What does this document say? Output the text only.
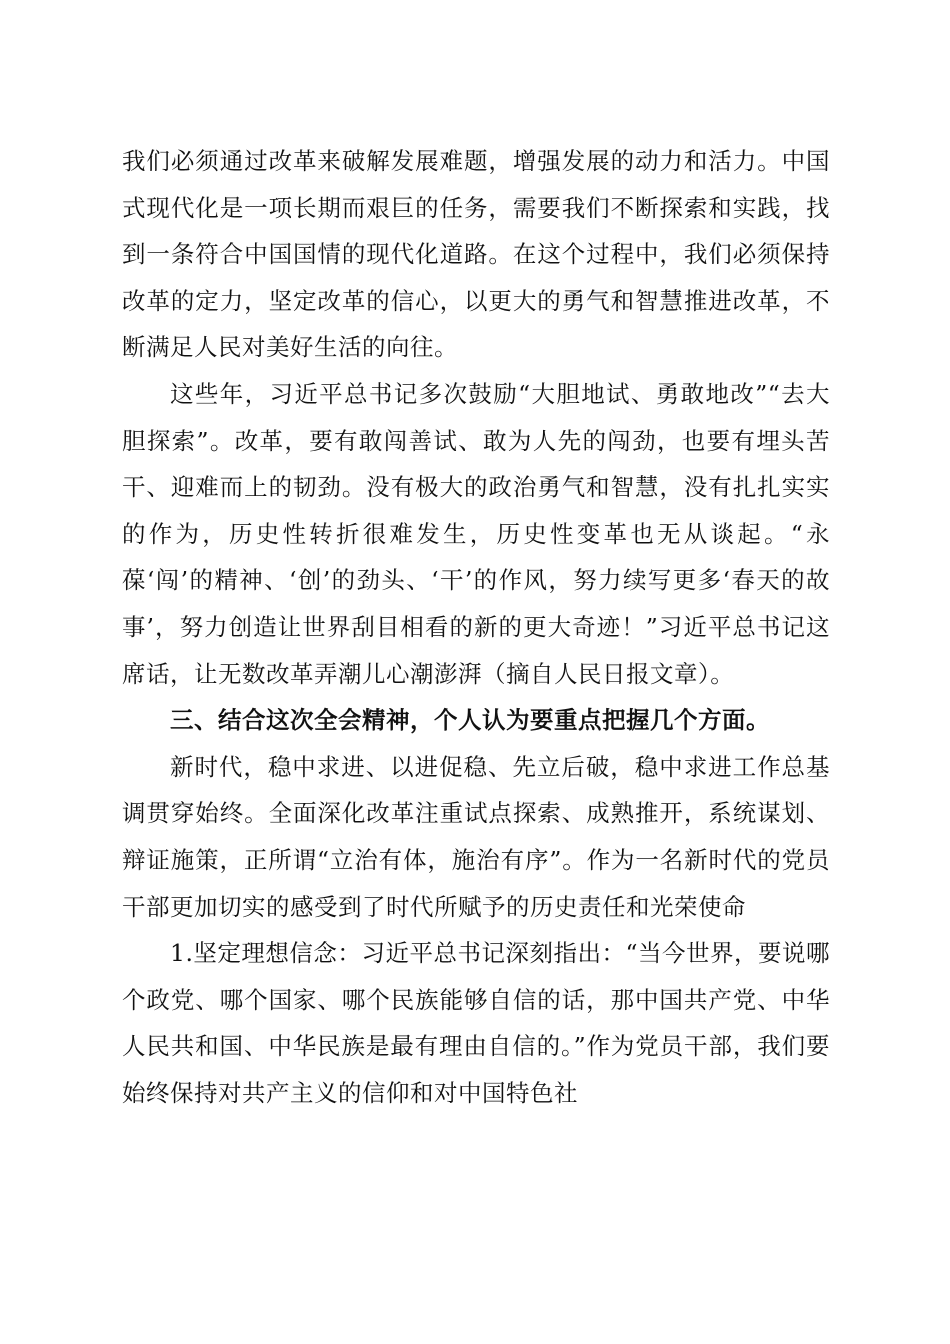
我们必须通过改革来破解发展难题，增强发展的动力和活力。中国式现代化是一项长期而艰巨的任务，需要我们不断探索和实践，找到一条符合中国国情的现代化道路。在这个过程中，我们必须保持改革的定力，坚定改革的信心，以更大的勇气和智慧推进改革，不断满足人民对美好生活的向往。

这些年，习近平总书记多次鼓励“大胆地试、勇敢地改”“去大胆探索”。改革，要有敢闯善试、敢为人先的闯劲，也要有埋头苦干、迎难而上的韧劲。没有极大的政治勇气和智慧，没有扎扎实实的作为，历史性转折很难发生，历史性变革也无从谈起。“永葆‘闯’的精神、‘创’的劲头、‘干’的作风，努力续写更多‘春天的故事’，努力创造让世界刮目相看的新的更大奇迹！”习近平总书记这席话，让无数改革弄潮儿心潮澎湃（摘自人民日报文章）。

三、结合这次全会精神，个人认为要重点把握几个方面。

新时代，稳中求进、以进促稳、先立后破，稳中求进工作总基调贯穿始终。全面深化改革注重试点探索、成熟推开，系统谋划、辩证施策，正所谓“立治有体，施治有序”。作为一名新时代的党员干部更加切实的感受到了时代所赋予的历史责任和光荣使命

1.坚定理想信念：习近平总书记深刻指出：“当今世界，要说哪个政党、哪个国家、哪个民族能够自信的话，那中国共产党、中华人民共和国、中华民族是最有理由自信的。”作为党员干部，我们要始终保持对共产主义的信仰和对中国特色社
